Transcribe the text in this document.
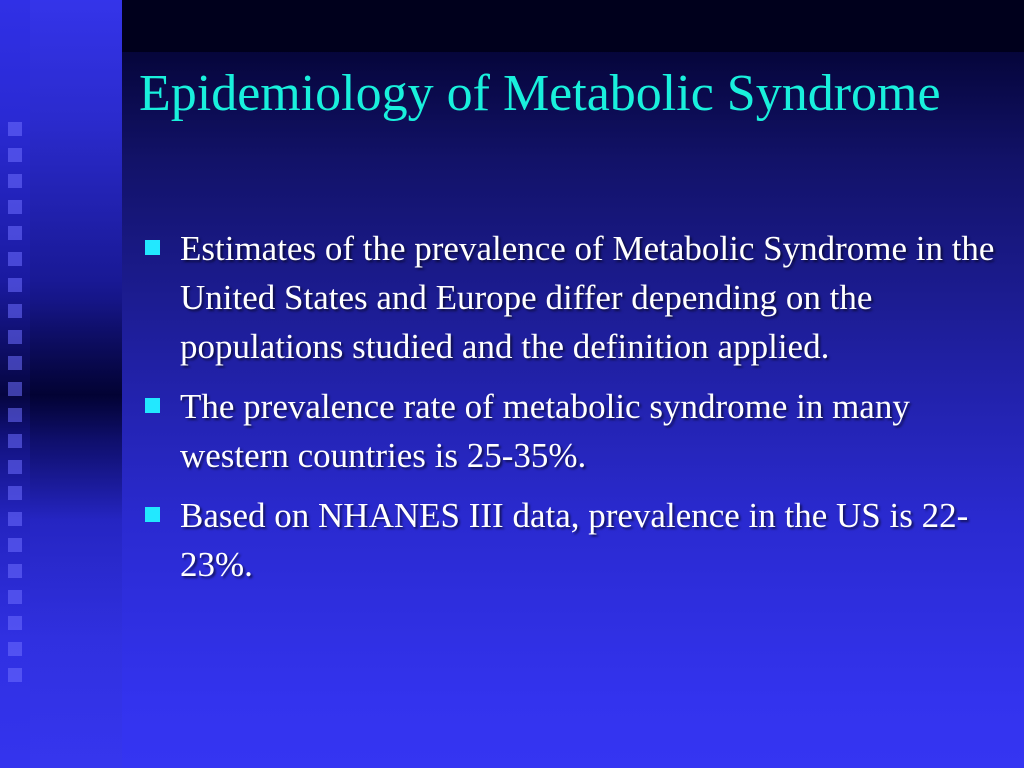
Epidemiology of Metabolic Syndrome
Estimates of the prevalence of Metabolic Syndrome in the United States and Europe differ depending on the populations studied and the definition applied.
The prevalence rate of metabolic syndrome in many western countries is 25-35%.
Based on NHANES III data, prevalence in the US is 22-23%.
